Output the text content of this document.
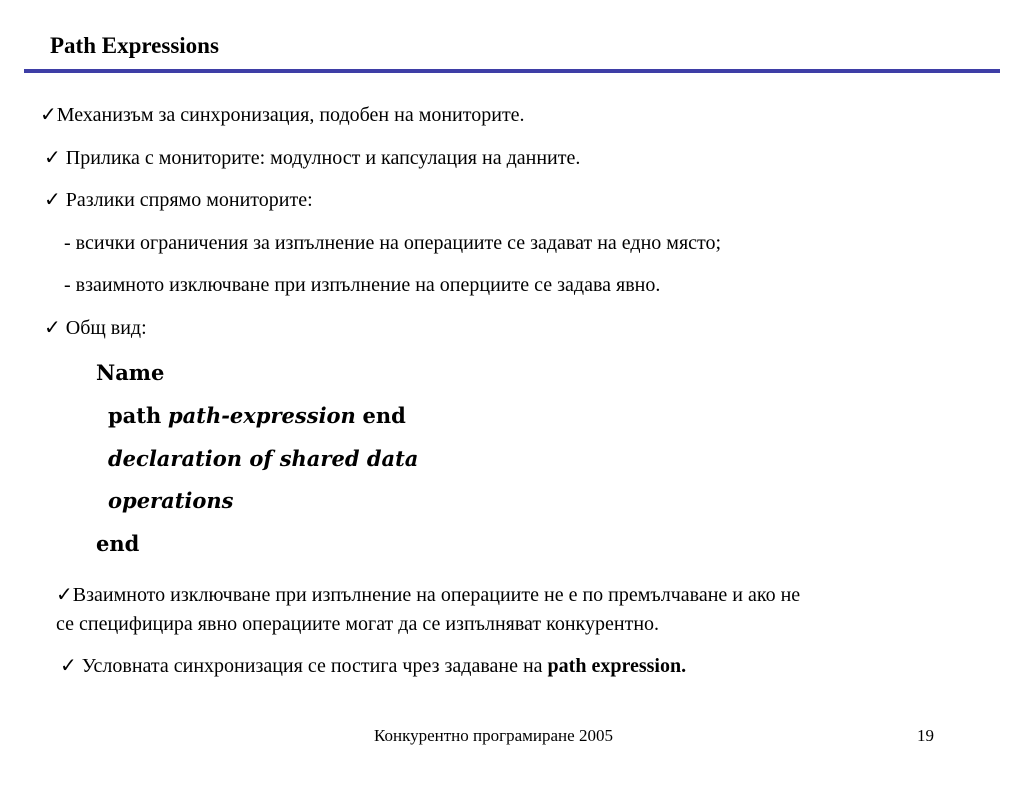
Path Expressions
✓Механизъм за синхронизация, подобен на мониторите.
✓ Прилика с мониторите: модулност и капсулация на данните.
✓ Разлики спрямо мониторите:
- всички ограничения за изпълнение на операциите се задават на едно място;
- взаимното изключване при изпълнение на оперциите се задава явно.
✓ Общ вид:
Name
path path-expression end
declaration of shared data
operations
end
✓Взаимното изключване при изпълнение на операциите не е по премълчаване и ако не
се специфицира явно операциите могат да се изпълняват конкурентно.
✓ Условната синхронизация се постига чрез задаване на path expression.
Конкурентно програмиране 2005	19
